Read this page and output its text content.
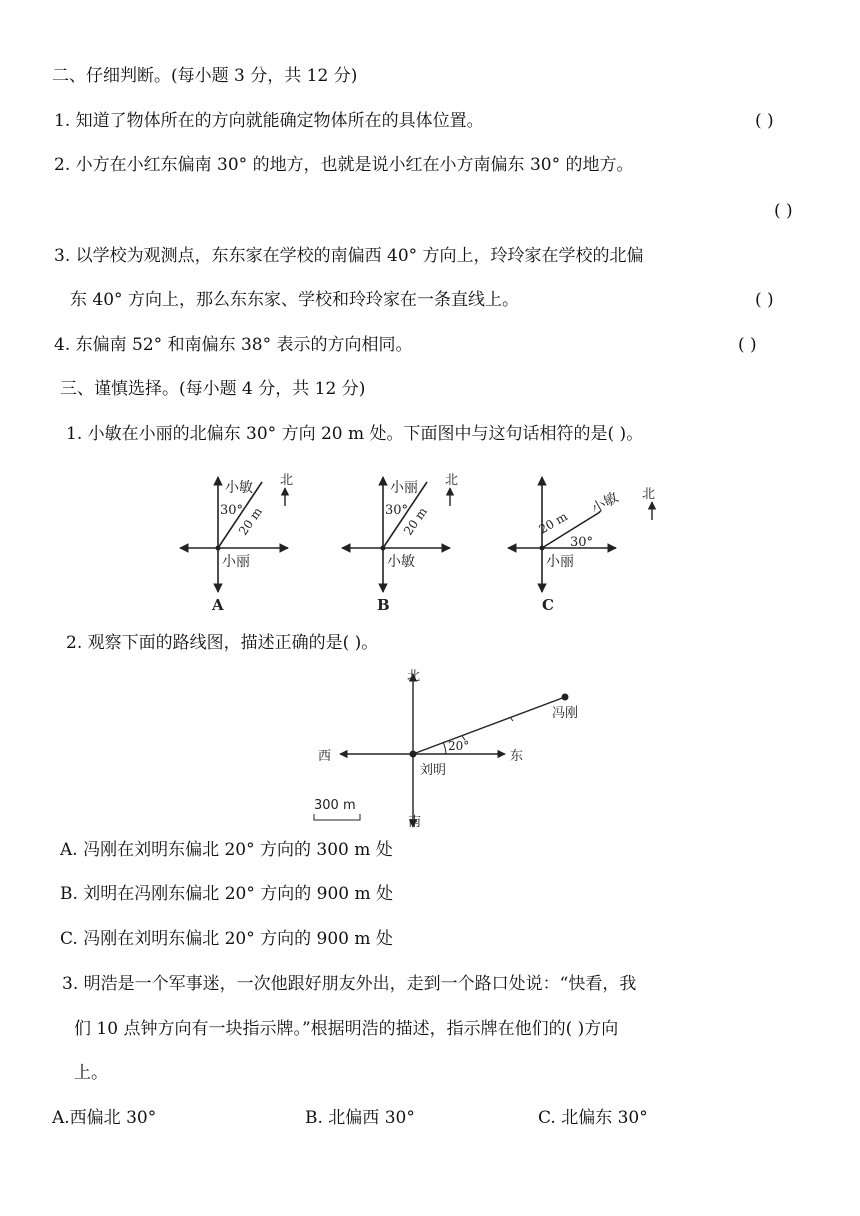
二、仔细判断。(每小题 3 分，共 12 分)
1. 知道了物体所在的方向就能确定物体所在的具体位置。	( )
2. 小方在小红东偏南 30° 的地方，也就是说小红在小方南偏东 30° 的地方。
( )
3. 以学校为观测点，东东家在学校的南偏西 40° 方向上，玲玲家在学校的北偏
东 40° 方向上，那么东东家、学校和玲玲家在一条直线上。	( )
4. 东偏南 52° 和南偏东 38° 表示的方向相同。	( )
三、谨慎选择。(每小题 4 分，共 12 分)
1. 小敏在小丽的北偏东 30° 方向 20 m 处。下面图中与这句话相符的是( )。
北
小敏
30°
20 m
小丽
A
北
小丽
30°
20 m
小敏
B
北
小敏
30°
20 m
小丽
C
2. 观察下面的路线图，描述正确的是( )。
北
南
东
西
刘明
冯刚
20°
300 m
A. 冯刚在刘明东偏北 20° 方向的 300 m 处
B. 刘明在冯刚东偏北 20° 方向的 900 m 处
C. 冯刚在刘明东偏北 20° 方向的 900 m 处
3. 明浩是一个军事迷，一次他跟好朋友外出，走到一个路口处说：“快看，我
们 10 点钟方向有一块指示牌。”根据明浩的描述，指示牌在他们的( )方向
上。
A.西偏北 30°	B. 北偏西 30°	C. 北偏东 30°
